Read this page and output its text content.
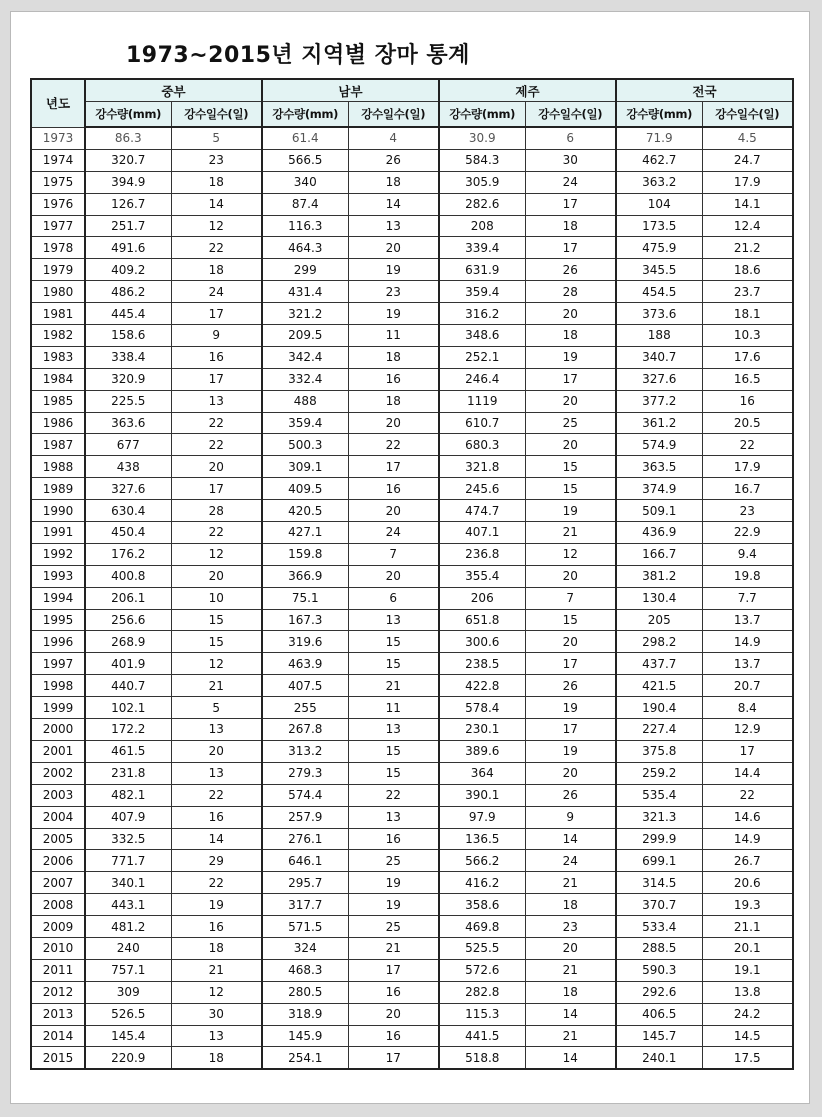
1973~2015년 지역별 장마 통계
년도	중부		남부		제주		전국	
	강수량(mm)	강수일수(일)	강수량(mm)	강수일수(일)	강수량(mm)	강수일수(일)	강수량(mm)	강수일수(일)
1973	86.3	5	61.4	4	30.9	6	71.9	4.5
1974	320.7	23	566.5	26	584.3	30	462.7	24.7
1975	394.9	18	340	18	305.9	24	363.2	17.9
1976	126.7	14	87.4	14	282.6	17	104	14.1
1977	251.7	12	116.3	13	208	18	173.5	12.4
1978	491.6	22	464.3	20	339.4	17	475.9	21.2
1979	409.2	18	299	19	631.9	26	345.5	18.6
1980	486.2	24	431.4	23	359.4	28	454.5	23.7
1981	445.4	17	321.2	19	316.2	20	373.6	18.1
1982	158.6	9	209.5	11	348.6	18	188	10.3
1983	338.4	16	342.4	18	252.1	19	340.7	17.6
1984	320.9	17	332.4	16	246.4	17	327.6	16.5
1985	225.5	13	488	18	1119	20	377.2	16
1986	363.6	22	359.4	20	610.7	25	361.2	20.5
1987	677	22	500.3	22	680.3	20	574.9	22
1988	438	20	309.1	17	321.8	15	363.5	17.9
1989	327.6	17	409.5	16	245.6	15	374.9	16.7
1990	630.4	28	420.5	20	474.7	19	509.1	23
1991	450.4	22	427.1	24	407.1	21	436.9	22.9
1992	176.2	12	159.8	7	236.8	12	166.7	9.4
1993	400.8	20	366.9	20	355.4	20	381.2	19.8
1994	206.1	10	75.1	6	206	7	130.4	7.7
1995	256.6	15	167.3	13	651.8	15	205	13.7
1996	268.9	15	319.6	15	300.6	20	298.2	14.9
1997	401.9	12	463.9	15	238.5	17	437.7	13.7
1998	440.7	21	407.5	21	422.8	26	421.5	20.7
1999	102.1	5	255	11	578.4	19	190.4	8.4
2000	172.2	13	267.8	13	230.1	17	227.4	12.9
2001	461.5	20	313.2	15	389.6	19	375.8	17
2002	231.8	13	279.3	15	364	20	259.2	14.4
2003	482.1	22	574.4	22	390.1	26	535.4	22
2004	407.9	16	257.9	13	97.9	9	321.3	14.6
2005	332.5	14	276.1	16	136.5	14	299.9	14.9
2006	771.7	29	646.1	25	566.2	24	699.1	26.7
2007	340.1	22	295.7	19	416.2	21	314.5	20.6
2008	443.1	19	317.7	19	358.6	18	370.7	19.3
2009	481.2	16	571.5	25	469.8	23	533.4	21.1
2010	240	18	324	21	525.5	20	288.5	20.1
2011	757.1	21	468.3	17	572.6	21	590.3	19.1
2012	309	12	280.5	16	282.8	18	292.6	13.8
2013	526.5	30	318.9	20	115.3	14	406.5	24.2
2014	145.4	13	145.9	16	441.5	21	145.7	14.5
2015	220.9	18	254.1	17	518.8	14	240.1	17.5
